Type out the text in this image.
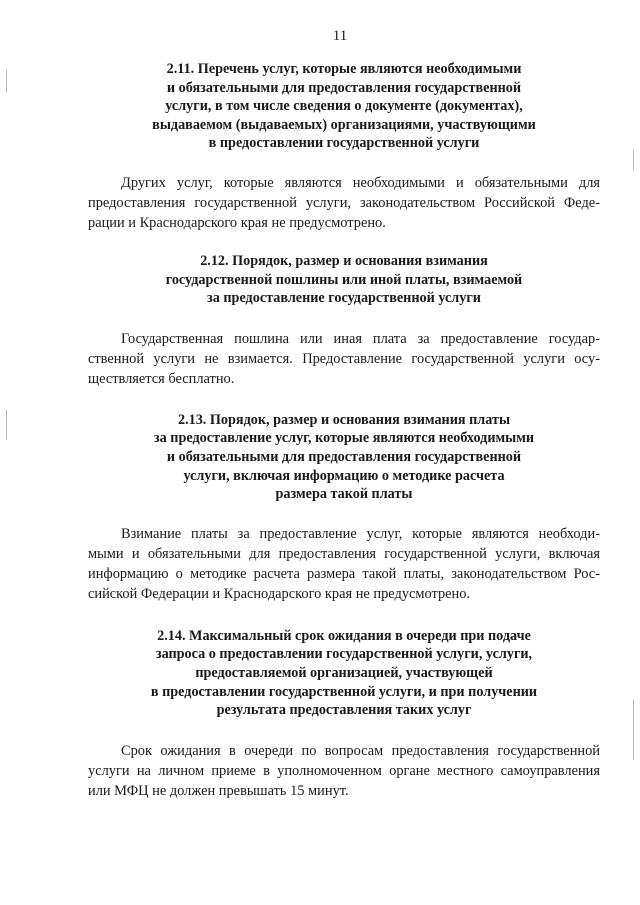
11
2.11. Перечень услуг, которые являются необходимыми
и обязательными для предоставления государственной
услуги, в том числе сведения о документе (документах),
выдаваемом (выдаваемых) организациями, участвующими
в предоставлении государственной услуги
Других услуг, которые являются необходимыми и обязательными для
предоставления государственной услуги, законодательством Российской Феде-
рации и Краснодарского края не предусмотрено.
2.12. Порядок, размер и основания взимания
государственной пошлины или иной платы, взимаемой
за предоставление государственной услуги
Государственная пошлина или иная плата за предоставление государ-
ственной услуги не взимается. Предоставление государственной услуги осу-
ществляется бесплатно.
2.13. Порядок, размер и основания взимания платы
за предоставление услуг, которые являются необходимыми
и обязательными для предоставления государственной
услуги, включая информацию о методике расчета
размера такой платы
Взимание платы за предоставление услуг, которые являются необходи-
мыми и обязательными для предоставления государственной услуги, включая
информацию о методике расчета размера такой платы, законодательством Рос-
сийской Федерации и Краснодарского края не предусмотрено.
2.14. Максимальный срок ожидания в очереди при подаче
запроса о предоставлении государственной услуги, услуги,
предоставляемой организацией, участвующей
в предоставлении государственной услуги, и при получении
результата предоставления таких услуг
Срок ожидания в очереди по вопросам предоставления государственной
услуги на личном приеме в уполномоченном органе местного самоуправления
или МФЦ не должен превышать 15 минут.
